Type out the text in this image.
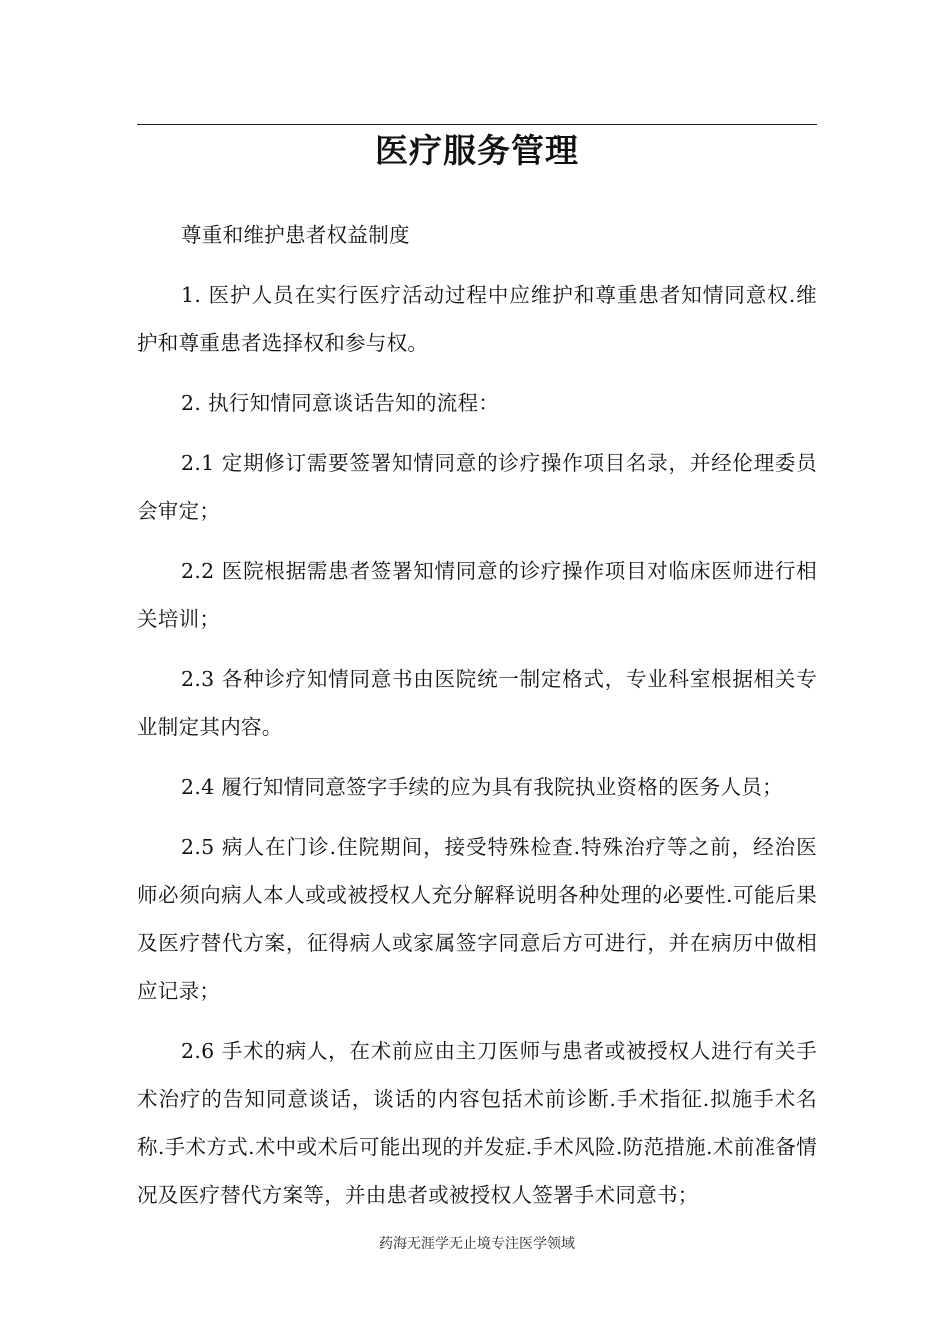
医疗服务管理

尊重和维护患者权益制度

1. 医护人员在实行医疗活动过程中应维护和尊重患者知情同意权.维护和尊重患者选择权和参与权。

2. 执行知情同意谈话告知的流程：

2.1 定期修订需要签署知情同意的诊疗操作项目名录，并经伦理委员会审定；

2.2 医院根据需患者签署知情同意的诊疗操作项目对临床医师进行相关培训；

2.3 各种诊疗知情同意书由医院统一制定格式，专业科室根据相关专业制定其内容。

2.4 履行知情同意签字手续的应为具有我院执业资格的医务人员；

2.5 病人在门诊.住院期间，接受特殊检查.特殊治疗等之前，经治医师必须向病人本人或或被授权人充分解释说明各种处理的必要性.可能后果及医疗替代方案，征得病人或家属签字同意后方可进行，并在病历中做相应记录；

2.6 手术的病人，在术前应由主刀医师与患者或被授权人进行有关手术治疗的告知同意谈话，谈话的内容包括术前诊断.手术指征.拟施手术名称.手术方式.术中或术后可能出现的并发症.手术风险.防范措施.术前准备情况及医疗替代方案等，并由患者或被授权人签署手术同意书；

药海无涯学无止境专注医学领域
